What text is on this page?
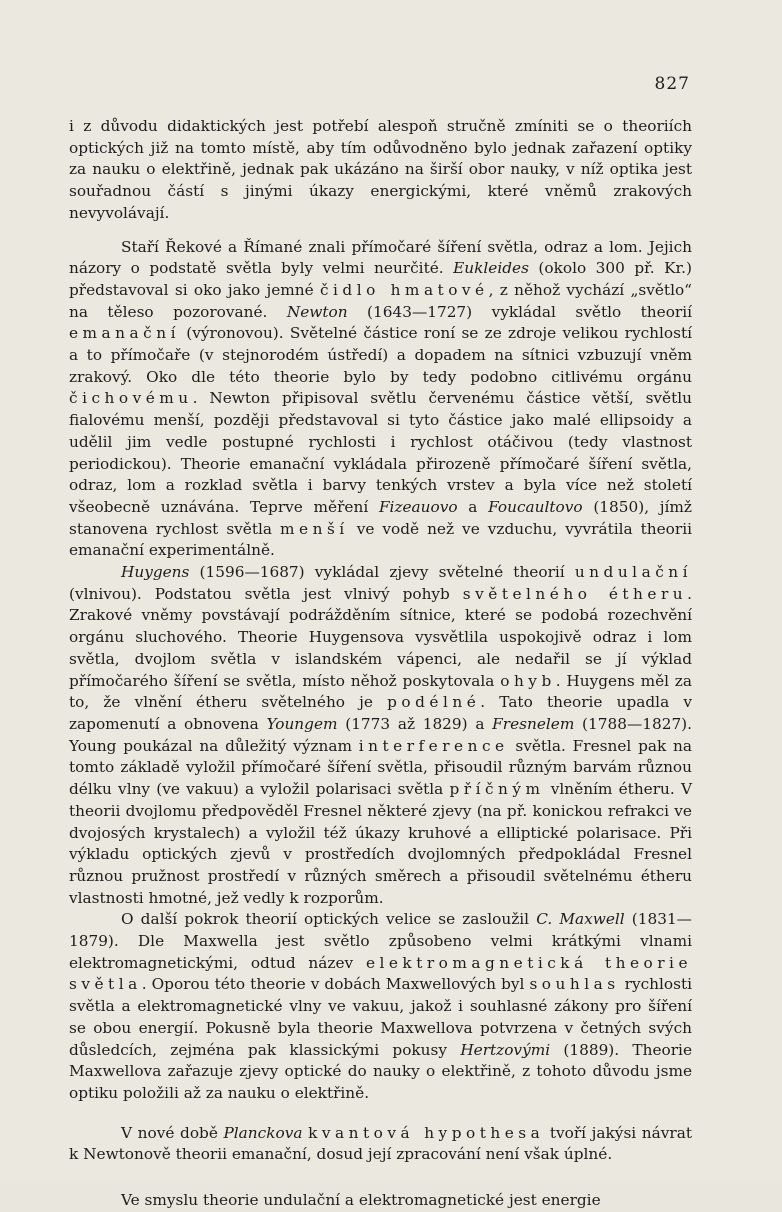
827

i z důvodu didaktických jest potřebí alespoň stručně zmíniti se o theoriích optických již na tomto místě, aby tím odůvodněno bylo jednak zařazení optiky za nauku o elektřině, jednak pak ukázáno na širší obor nauky, v níž optika jest souřadnou částí s jinými úkazy energickými, které vněmů zrakových nevyvolávají.

Staří Řekové a Římané znali přímočaré šíření světla, odraz a lom. Jejich názory o podstatě světla byly velmi neurčité. Eukleides (okolo 300 př. Kr.) představoval si oko jako jemné čidlo hmatové, z něhož vychází „světlo“ na těleso pozorované. Newton (1643—1727) vykládal světlo theorií emanační (výronovou). Světelné částice roní se ze zdroje velikou rychlostí a to přímočaře (v stejnorodém ústředí) a dopadem na sítnici vzbuzují vněm zrakový. Oko dle této theorie bylo by tedy podobno citlivému orgánu čichovému. Newton připisoval světlu červenému částice větší, světlu fialovému menší, později představoval si tyto částice jako malé ellipsoidy a udělil jim vedle postupné rychlosti i rychlost otáčivou (tedy vlastnost periodickou). Theorie emanační vykládala přirozeně přímočaré šíření světla, odraz, lom a rozklad světla i barvy tenkých vrstev a byla více než století všeobecně uznávána. Teprve měření Fizeauovo a Foucaultovo (1850), jímž stanovena rychlost světla menší ve vodě než ve vzduchu, vyvrátila theorii emanační experimentálně.

Huygens (1596—1687) vykládal zjevy světelné theorií undulační (vlnivou). Podstatou světla jest vlnivý pohyb světelného étheru. Zrakové vněmy povstávají podrážděním sítnice, které se podobá rozechvění orgánu sluchového. Theorie Huygensova vysvětlila uspokojivě odraz i lom světla, dvojlom světla v islandském vápenci, ale nedařil se jí výklad přímočarého šíření se světla, místo něhož poskytovala ohyb. Huygens měl za to, že vlnění étheru světelného je podélné. Tato theorie upadla v zapomenutí a obnovena Youngem (1773 až 1829) a Fresnelem (1788—1827). Young poukázal na důležitý význam interference světla. Fresnel pak na tomto základě vyložil přímočaré šíření světla, přisoudil různým barvám různou délku vlny (ve vakuu) a vyložil polarisaci světla příčným vlněním étheru. V theorii dvojlomu předpověděl Fresnel některé zjevy (na př. konickou refrakci ve dvojosých krystalech) a vyložil též úkazy kruhové a elliptické polarisace. Při výkladu optických zjevů v prostředích dvojlomných předpokládal Fresnel různou pružnost prostředí v různých směrech a přisoudil světelnému étheru vlastnosti hmotné, jež vedly k rozporům.

O další pokrok theorií optických velice se zasloužil C. Maxwell (1831—1879). Dle Maxwella jest světlo způsobeno velmi krátkými vlnami elektromagnetickými, odtud název elektromagnetická theorie světla. Oporou této theorie v dobách Maxwellových byl souhlas rychlosti světla a elektromagnetické vlny ve vakuu, jakož i souhlasné zákony pro šíření se obou energií. Pokusně byla theorie Maxwellova potvrzena v četných svých důsledcích, zejména pak klassickými pokusy Hertzovými (1889). Theorie Maxwellova zařazuje zjevy optické do nauky o elektřině, z tohoto důvodu jsme optiku položili až za nauku o elektřině.

V nové době Planckova kvantová hypothesa tvoří jakýsi návrat k Newtonově theorii emanační, dosud její zpracování není však úplné.

Ve smyslu theorie undulační a elektromagnetické jest energie
